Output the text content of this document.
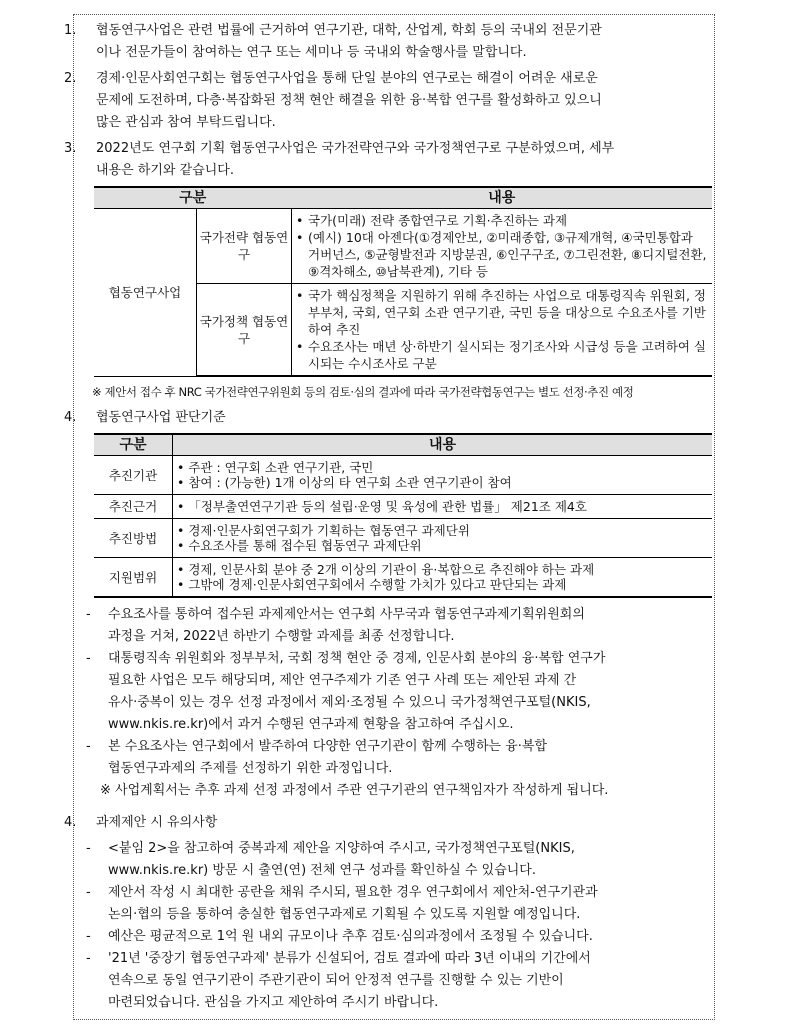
1. 협동연구사업은 관련 법률에 근거하여 연구기관, 대학, 산업계, 학회 등의 국내외 전문기관
이나 전문가들이 참여하는 연구 또는 세미나 등 국내외 학술행사를 말합니다.
2. 경제·인문사회연구회는 협동연구사업을 통해 단일 분야의 연구로는 해결이 어려운 새로운
문제에 도전하며, 다층·복잡화된 정책 현안 해결을 위한 융·복합 연구를 활성화하고 있으니
많은 관심과 참여 부탁드립니다.
3. 2022년도 연구회 기획 협동연구사업은 국가전략연구와 국가정책연구로 구분하였으며, 세부
내용은 하기와 같습니다.
구분		내용
협동연구사업	국가전략 협동연구	• 국가(미래) 전략 종합연구로 기획·추진하는 과제
• (예시) 10대 아젠다(①경제안보, ②미래종합, ③규제개혁, ④국민통합과 거버넌스, ⑤균형발전과 지방분권, ⑥인구구조, ⑦그린전환, ⑧디지털전환, ⑨격차해소, ⑩남북관계), 기타 등

	국가정책 협동연구	• 국가 핵심정책을 지원하기 위해 추진하는 사업으로 대통령직속 위원회, 정부부처, 국회, 연구회 소관 연구기관, 국민 등을 대상으로 수요조사를 기반하여 추진
• 수요조사는 매년 상·하반기 실시되는 정기조사와 시급성 등을 고려하여 실시되는 수시조사로 구분
※ 제안서 접수 후 NRC 국가전략연구위원회 등의 검토·심의 결과에 따라 국가전략협동연구는 별도 선정·추진 예정
4. 협동연구사업 판단기준
구분	내용
추진기관	• 주관 : 연구회 소관 연구기관, 국민
• 참여 : (가능한) 1개 이상의 타 연구회 소관 연구기관이 참여

추진근거	• 「정부출연연구기관 등의 설립·운영 및 육성에 관한 법률」 제21조 제4호

추진방법	• 경제·인문사회연구회가 기획하는 협동연구 과제단위
• 수요조사를 통해 접수된 협동연구 과제단위

지원범위	• 경제, 인문사회 분야 중 2개 이상의 기관이 융·복합으로 추진해야 하는 과제
• 그밖에 경제·인문사회연구회에서 수행할 가치가 있다고 판단되는 과제
- 수요조사를 통하여 접수된 과제제안서는 연구회 사무국과 협동연구과제기획위원회의
과정을 거쳐, 2022년 하반기 수행할 과제를 최종 선정합니다.
- 대통령직속 위원회와 정부부처, 국회 정책 현안 중 경제, 인문사회 분야의 융·복합 연구가
필요한 사업은 모두 해당되며, 제안 연구주제가 기존 연구 사례 또는 제안된 과제 간
유사·중복이 있는 경우 선정 과정에서 제외·조정될 수 있으니 국가정책연구포털(NKIS,
www.nkis.re.kr)에서 과거 수행된 연구과제 현황을 참고하여 주십시오.
- 본 수요조사는 연구회에서 발주하여 다양한 연구기관이 함께 수행하는 융·복합
협동연구과제의 주제를 선정하기 위한 과정입니다.
※ 사업계획서는 추후 과제 선정 과정에서 주관 연구기관의 연구책임자가 작성하게 됩니다.
4. 과제제안 시 유의사항
- <붙임 2>을 참고하여 중복과제 제안을 지양하여 주시고, 국가정책연구포털(NKIS,
www.nkis.re.kr) 방문 시 출연(연) 전체 연구 성과를 확인하실 수 있습니다.
- 제안서 작성 시 최대한 공란을 채워 주시되, 필요한 경우 연구회에서 제안처-연구기관과
논의·협의 등을 통하여 충실한 협동연구과제로 기획될 수 있도록 지원할 예정입니다.
- 예산은 평균적으로 1억 원 내외 규모이나 추후 검토·심의과정에서 조정될 수 있습니다.
- '21년 '중장기 협동연구과제' 분류가 신설되어, 검토 결과에 따라 3년 이내의 기간에서
연속으로 동일 연구기관이 주관기관이 되어 안정적 연구를 진행할 수 있는 기반이
마련되었습니다. 관심을 가지고 제안하여 주시기 바랍니다.
